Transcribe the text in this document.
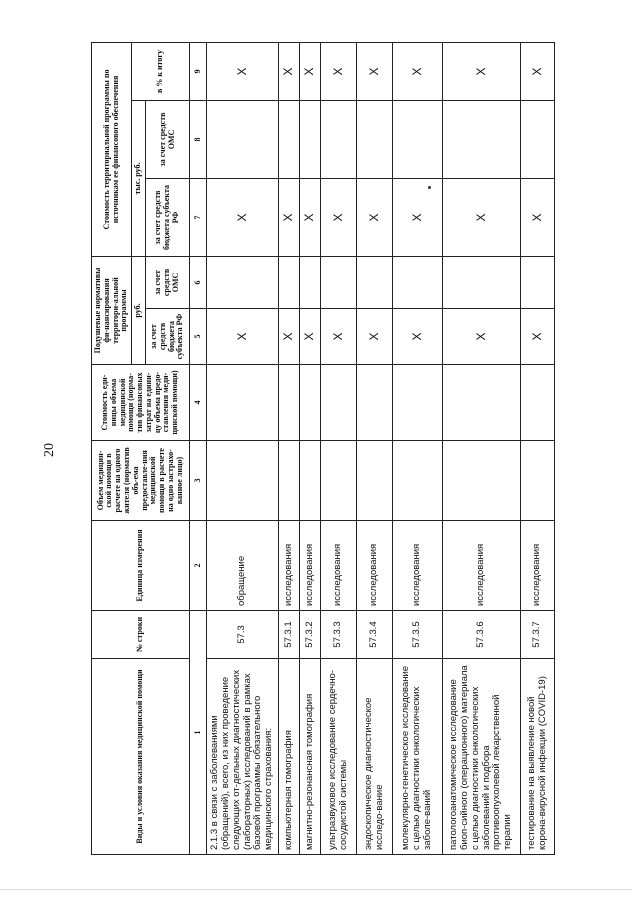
20
Виды и условия оказания медицинской помощи	№ строки	Единица измерения	Объем медицин-ской помощи в расчете на одного жителя (норматив объ-ема предоставле-ния медицинской помощи в расчете на одно застрахо-ванное лицо)	Стоимость еди-ницы объема медицинской помощи (норма-тив финансовых затрат на едини-цу объема предо-ставления меди-цинской помощи)	Подушевые нормативы фи-нансирования территори-альной программы		Стоимость территориальной программы по источникам ее финансового обеспечения		
					руб.		тыс. руб.		в % к итогу
					за счет средств бюджета субъекта РФ	за счет средств ОМС	за счет средств бюджета субъекта РФ	за счет средств ОМС	
1		2	3	4	5	6	7	8	9
2.1.3 в связи с заболеваниями (обращений), всего, из них проведение следующих от-дельных диагностических (лабораторных) исследований в рамках базовой программы обязательного медицинского страхования:	57.3	обращение			X		X		X
компьютерная томография	57.3.1	исследования			X		X		X
магнитно-резонансная томография	57.3.2	исследования			X		X		X
ультразвуковое исследование сердечно-сосудистой системы	57.3.3	исследования			X		X		X
эндоскопическое диагностическое исследо-вание	57.3.4	исследования			X		X		X
молекулярно-генетическое исследование с целью диагностики онкологических заболе-ваний	57.3.5	исследования			X		X		X
патологоанатомическое исследование биоп-сийного (операционного) материала с целью диагностики онкологических заболеваний и подбора противоопухолевой лекарственной терапии	57.3.6	исследования			X		X		X
тестирование на выявление новой корона-вирусной инфекции (COVID-19)	57.3.7	исследования			X		X		X
